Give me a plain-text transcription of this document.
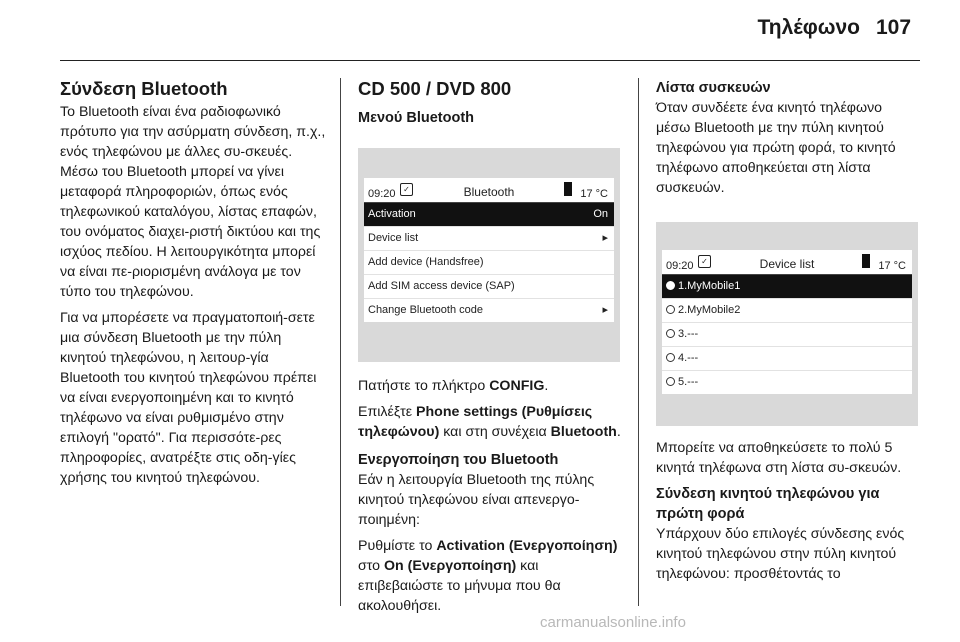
Τηλέφωνο 107
Σύνδεση Bluetooth

Το Bluetooth είναι ένα ραδιοφωνικό πρότυπο για την ασύρματη σύνδεση, π.χ., ενός τηλεφώνου με άλλες συ-σκευές. Μέσω του Bluetooth μπορεί να γίνει μεταφορά πληροφοριών, όπως ενός τηλεφωνικού καταλόγου, λίστας επαφών, του ονόματος διαχει-ριστή δικτύου και της ισχύος πεδίου. Η λειτουργικότητα μπορεί να είναι πε-ριορισμένη ανάλογα με τον τύπο του τηλεφώνου.

Για να μπορέσετε να πραγματοποιή-σετε μια σύνδεση Bluetooth με την πύλη κινητού τηλεφώνου, η λειτουρ-γία Bluetooth του κινητού τηλεφώνου πρέπει να είναι ενεργοποιημένη και το κινητό τηλέφωνο να είναι ρυθμισμένο στην επιλογή "ορατό". Για περισσότε-ρες πληροφορίες, ανατρέξτε στις οδη-γίες χρήσης του κινητού τηλεφώνου.

CD 500 / DVD 800
Μενού Bluetooth
09:20 ✓	Bluetooth	17 °C
Activation	On
Device list	▸
Add device (Handsfree)
Add SIM access device (SAP)
Change Bluetooth code	▸

Πατήστε το πλήκτρο CONFIG.

Επιλέξτε Phone settings (Ρυθμίσεις τηλεφώνου) και στη συνέχεια Bluetooth.

Ενεργοποίηση του Bluetooth

Εάν η λειτουργία Bluetooth της πύλης κινητού τηλεφώνου είναι απενεργο-ποιημένη:

Ρυθμίστε το Activation (Ενεργοποίηση) στο On (Ενεργοποίηση) και επιβεβαιώστε το μήνυμα που θα ακολουθήσει.

Λίστα συσκευών

Όταν συνδέετε ένα κινητό τηλέφωνο μέσω Bluetooth με την πύλη κινητού τηλεφώνου για πρώτη φορά, το κινητό τηλέφωνο αποθηκεύεται στη λίστα συσκευών.

09:20 ✓	Device list	17 °C
1.MyMobile1
2.MyMobile2
3.---
4.---
5.---

Μπορείτε να αποθηκεύσετε το πολύ 5 κινητά τηλέφωνα στη λίστα συ-σκευών.

Σύνδεση κινητού τηλεφώνου για πρώτη φορά

Υπάρχουν δύο επιλογές σύνδεσης ενός κινητού τηλεφώνου στην πύλη κινητού τηλεφώνου: προσθέτοντάς το

carmanualsonline.info
